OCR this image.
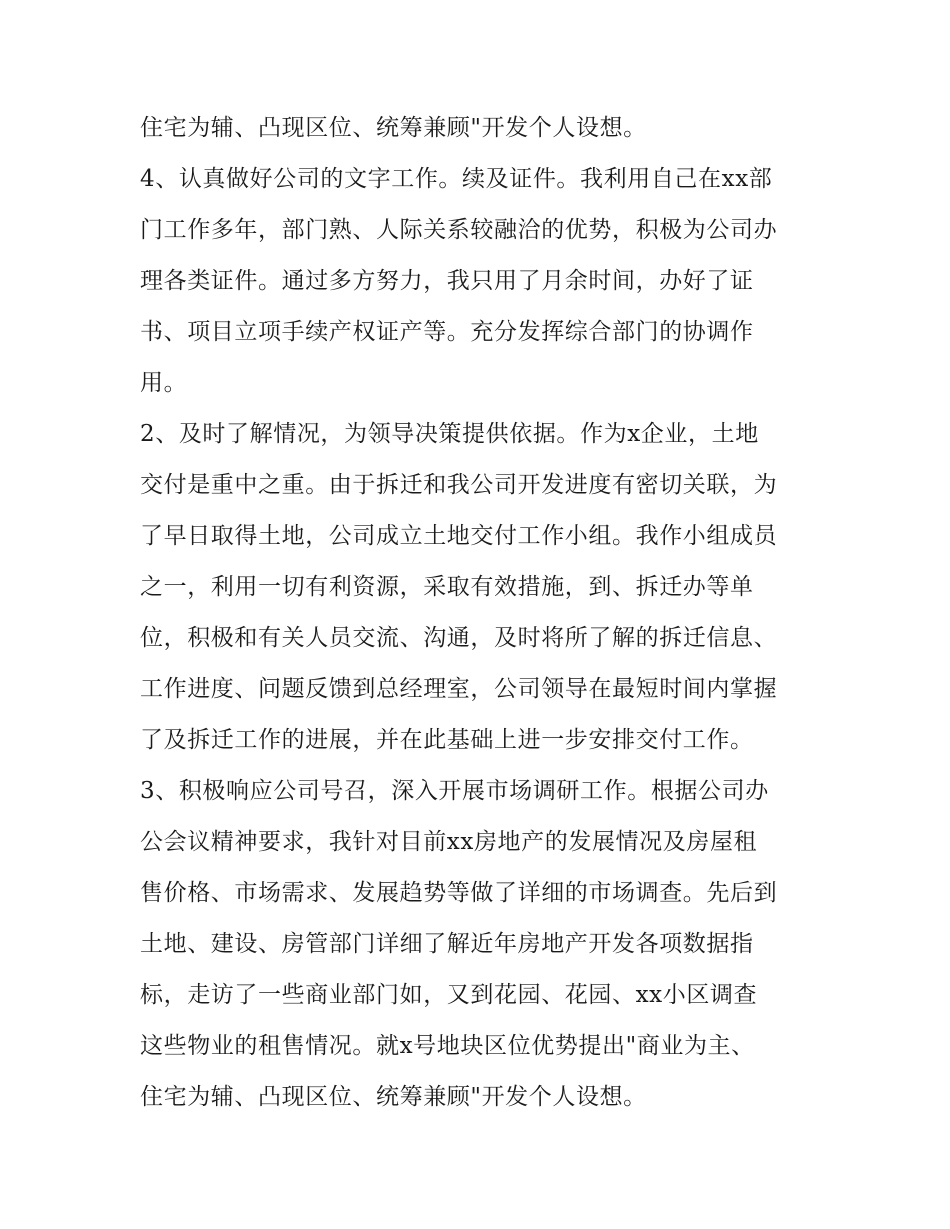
住宅为辅、凸现区位、统筹兼顾"开发个人设想。
4、认真做好公司的文字工作。续及证件。我利用自己在xx部
门工作多年，部门熟、人际关系较融洽的优势，积极为公司办
理各类证件。通过多方努力，我只用了月余时间，办好了证
书、项目立项手续产权证产等。充分发挥综合部门的协调作
用。
2、及时了解情况，为领导决策提供依据。作为x企业，土地
交付是重中之重。由于拆迁和我公司开发进度有密切关联，为
了早日取得土地，公司成立土地交付工作小组。我作小组成员
之一，利用一切有利资源，采取有效措施，到、拆迁办等单
位，积极和有关人员交流、沟通，及时将所了解的拆迁信息、
工作进度、问题反馈到总经理室，公司领导在最短时间内掌握
了及拆迁工作的进展，并在此基础上进一步安排交付工作。
3、积极响应公司号召，深入开展市场调研工作。根据公司办
公会议精神要求，我针对目前xx房地产的发展情况及房屋租
售价格、市场需求、发展趋势等做了详细的市场调查。先后到
土地、建设、房管部门详细了解近年房地产开发各项数据指
标，走访了一些商业部门如，又到花园、花园、xx小区调查
这些物业的租售情况。就x号地块区位优势提出"商业为主、
住宅为辅、凸现区位、统筹兼顾"开发个人设想。
